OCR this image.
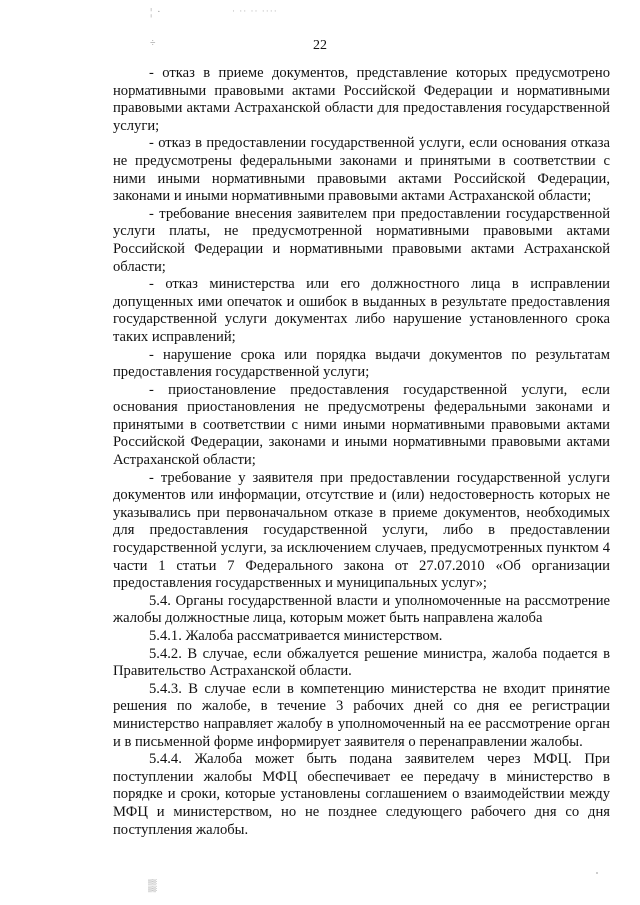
¦ ·	· ·· ·· ····
÷
▒
22

- отказ в приеме документов, представление которых предусмотрено нормативными правовыми актами Российской Федерации и нормативными правовыми актами Астраханской области для предоставления государственной услуги;

- отказ в предоставлении государственной услуги, если основания отказа не предусмотрены федеральными законами и принятыми в соответствии с ними иными нормативными правовыми актами Российской Федерации, законами и иными нормативными правовыми актами Астраханской области;

- требование внесения заявителем при предоставлении государственной услуги платы, не предусмотренной нормативными правовыми актами Российской Федерации и нормативными правовыми актами Астраханской области;

- отказ министерства или его должностного лица в исправлении допущенных ими опечаток и ошибок в выданных в результате предоставления государственной услуги документах либо нарушение установленного срока таких исправлений;

- нарушение срока или порядка выдачи документов по результатам предоставления государственной услуги;

- приостановление предоставления государственной услуги, если основания приостановления не предусмотрены федеральными законами и принятыми в соответствии с ними иными нормативными правовыми актами Российской Федерации, законами и иными нормативными правовыми актами Астраханской области;

- требование у заявителя при предоставлении государственной услуги документов или информации, отсутствие и (или) недостоверность которых не указывались при первоначальном отказе в приеме документов, необходимых для предоставления государственной услуги, либо в предоставлении государственной услуги, за исключением случаев, предусмотренных пунктом 4 части 1 статьи 7 Федерального закона от 27.07.2010 «Об организации предоставления государственных и муниципальных услуг»;

5.4. Органы государственной власти и уполномоченные на рассмотрение жалобы должностные лица, которым может быть направлена жалоба

5.4.1. Жалоба рассматривается министерством.

5.4.2. В случае, если обжалуется решение министра, жалоба подается в Правительство Астраханской области.

5.4.3. В случае если в компетенцию министерства не входит принятие решения по жалобе, в течение 3 рабочих дней со дня ее регистрации министерство направляет жалобу в уполномоченный на ее рассмотрение орган и в письменной форме информирует заявителя о перенаправлении жалобы.

5.4.4. Жалоба может быть подана заявителем через МФЦ. При поступлении жалобы МФЦ обеспечивает ее передачу в министерство в порядке и сроки, которые установлены соглашением о взаимодействии между МФЦ и министерством, но не позднее следующего рабочего дня со дня поступления жалобы.
